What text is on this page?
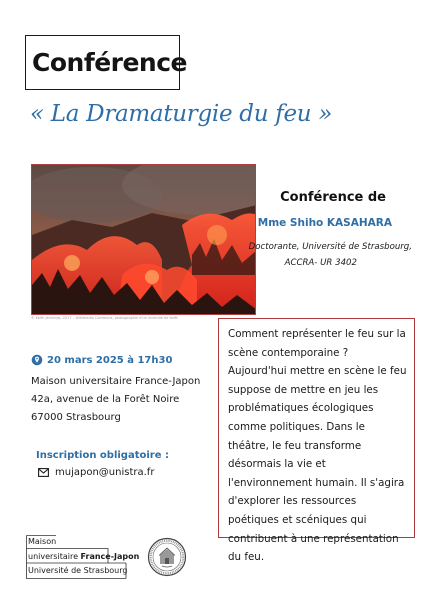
Conférence
« La Dramaturgie du feu »
© Keith Jennings, 2017 – Wikimedia Commons, photographie d'un incendie de forêt
Conférence de
Mme Shiho KASAHARA
Doctorante, Université de Strasbourg,
ACCRA- UR 3402

Comment représenter le feu sur la scène contemporaine ? Aujourd'hui mettre en scène le feu suppose de mettre en jeu les problématiques écologiques comme politiques. Dans le théâtre, le feu transforme désormais la vie et l'environnement humain. Il s'agira d'explorer les ressources poétiques et scéniques qui contribuent à une représentation du feu.

20 mars 2025 à 17h30
Maison universitaire France-Japon
42a, avenue de la Forêt Noire
67000 Strasbourg
Inscription obligatoire :
mujapon@unistra.fr
Maison
universitaire France-Japon
Université de Strasbourg
